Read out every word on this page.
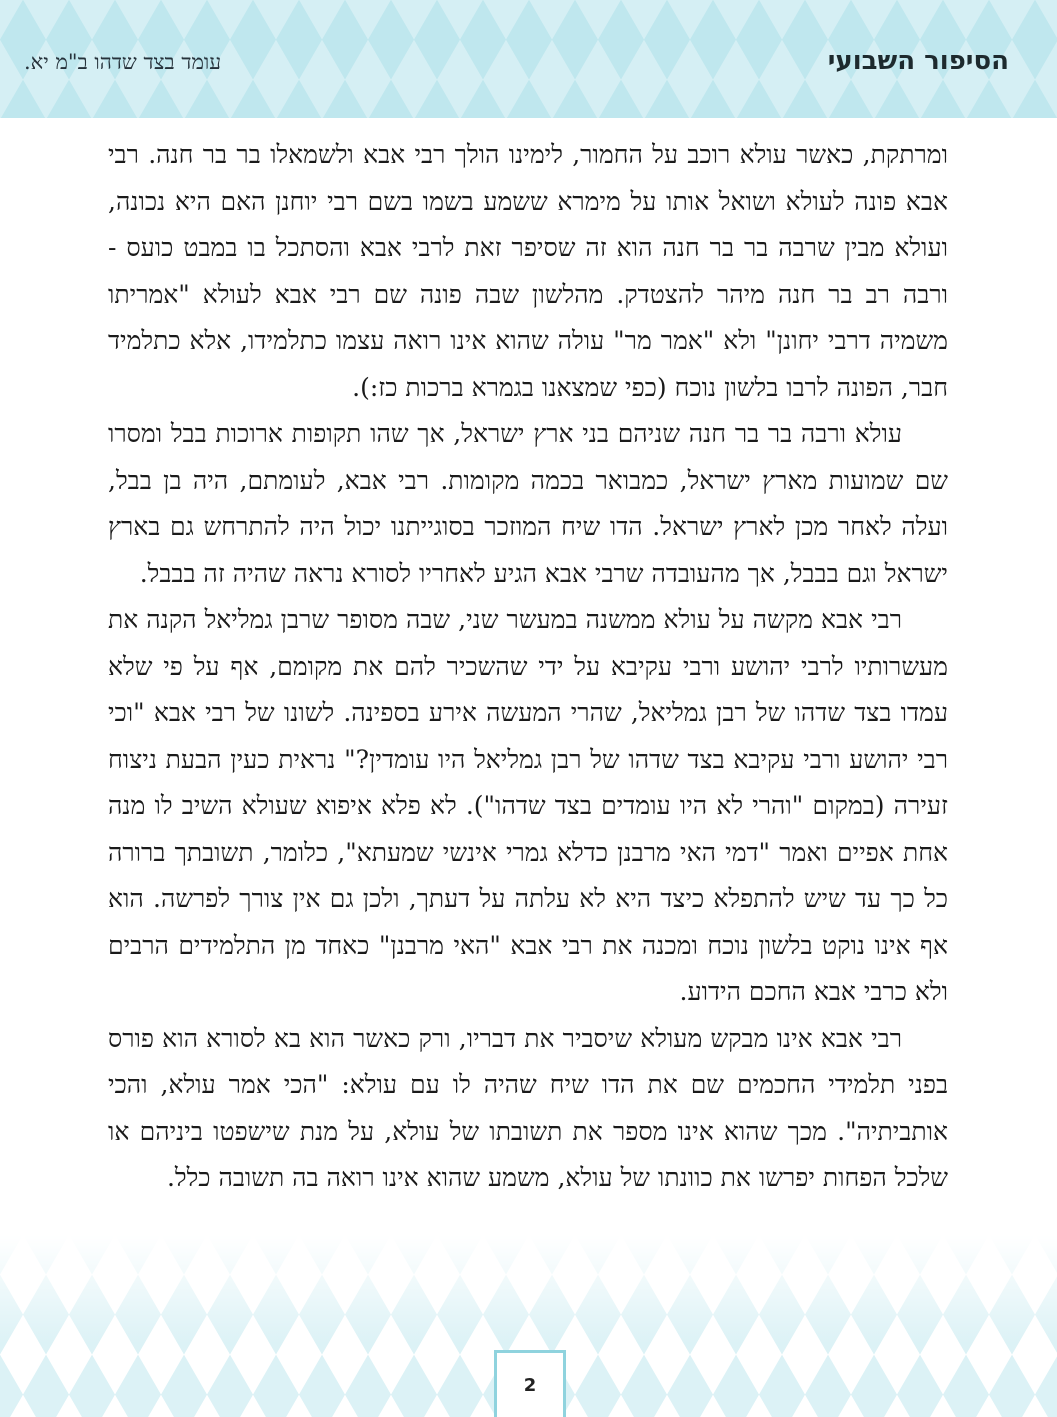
הסיפור השבועי
עומד בצד שדהו ב"מ יא.

ומרתקת, כאשר עולא רוכב על החמור, לימינו הולך רבי אבא ולשמאלו בר בר חנה. רבי אבא פונה לעולא ושואל אותו על מימרא ששמע בשמו בשם רבי יוחנן האם היא נכונה, ועולא מבין שרבה בר בר חנה הוא זה שסיפר זאת לרבי אבא והסתכל בו במבט כועס - ורבה רב בר חנה מיהר להצטדק. מהלשון שבה פונה שם רבי אבא לעולא "אמריתו משמיה דרבי יחונן" ולא "אמר מר" עולה שהוא אינו רואה עצמו כתלמידו, אלא כתלמיד חבר, הפונה לרבו בלשון נוכח (כפי שמצאנו בגמרא ברכות כז:).

עולא ורבה בר בר חנה שניהם בני ארץ ישראל, אך שהו תקופות ארוכות בבל ומסרו שם שמועות מארץ ישראל, כמבואר בכמה מקומות. רבי אבא, לעומתם, היה בן בבל, ועלה לאחר מכן לארץ ישראל. הדו שיח המוזכר בסוגייתנו יכול היה להתרחש גם בארץ ישראל וגם בבבל, אך מהעובדה שרבי אבא הגיע לאחריו לסורא נראה שהיה זה בבבל.

רבי אבא מקשה על עולא ממשנה במעשר שני, שבה מסופר שרבן גמליאל הקנה את מעשרותיו לרבי יהושע ורבי עקיבא על ידי שהשכיר להם את מקומם, אף על פי שלא עמדו בצד שדהו של רבן גמליאל, שהרי המעשה אירע בספינה. לשונו של רבי אבא "וכי רבי יהושע ורבי עקיבא בצד שדהו של רבן גמליאל היו עומדין?" נראית כעין הבעת ניצוח זעירה (במקום "והרי לא היו עומדים בצד שדהו"). לא פלא איפוא שעולא השיב לו מנה אחת אפיים ואמר "דמי האי מרבנן כדלא גמרי אינשי שמעתא", כלומר, תשובתך ברורה כל כך עד שיש להתפלא כיצד היא לא עלתה על דעתך, ולכן גם אין צורך לפרשה. הוא אף אינו נוקט בלשון נוכח ומכנה את רבי אבא "האי מרבנן" כאחד מן התלמידים הרבים ולא כרבי אבא החכם הידוע.

רבי אבא אינו מבקש מעולא שיסביר את דבריו, ורק כאשר הוא בא לסורא הוא פורס בפני תלמידי החכמים שם את הדו שיח שהיה לו עם עולא: "הכי אמר עולא, והכי אותביתיה". מכך שהוא אינו מספר את תשובתו של עולא, על מנת שישפטו ביניהם או שלכל הפחות יפרשו את כוונתו של עולא, משמע שהוא אינו רואה בה תשובה כלל.

2
